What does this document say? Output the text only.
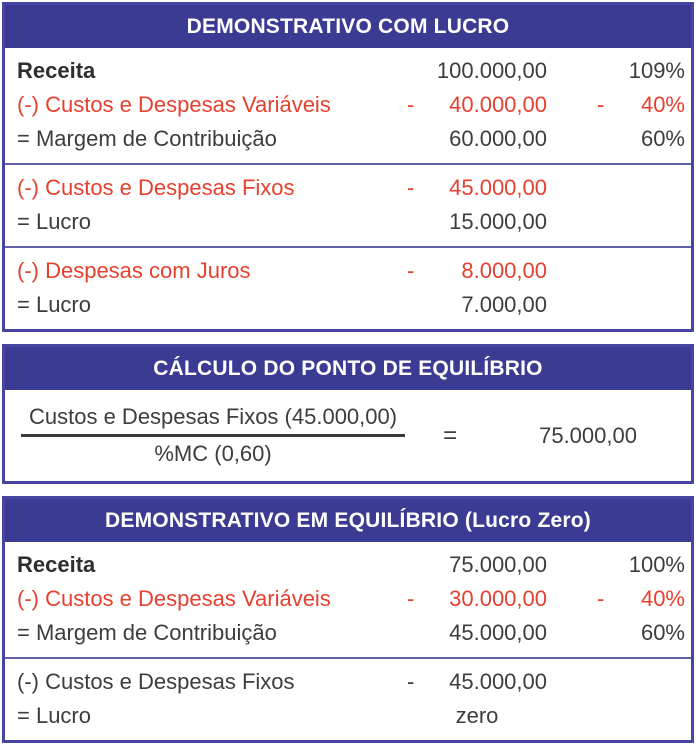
DEMONSTRATIVO COM LUCRO
Receita	100.000,00	109%
(-) Custos e Despesas Variáveis	- 40.000,00 - 40%
= Margem de Contribuição	60.000,00	60%
(-) Custos e Despesas Fixos	- 45.000,00
= Lucro	15.000,00
(-) Despesas com Juros	- 8.000,00
= Lucro	7.000,00
CÁLCULO DO PONTO DE EQUILÍBRIO
$\frac{\text{Custos e Despesas Fixos (45.000,00)}}{\%MC (0,60)}$	=	75.000,00
DEMONSTRATIVO EM EQUILÍBRIO (Lucro Zero)
Receita	75.000,00	100%
(-) Custos e Despesas Variáveis	- 30.000,00 - 40%
= Margem de Contribuição	45.000,00	60%
(-) Custos e Despesas Fixos	- 45.000,00
= Lucro	zero
